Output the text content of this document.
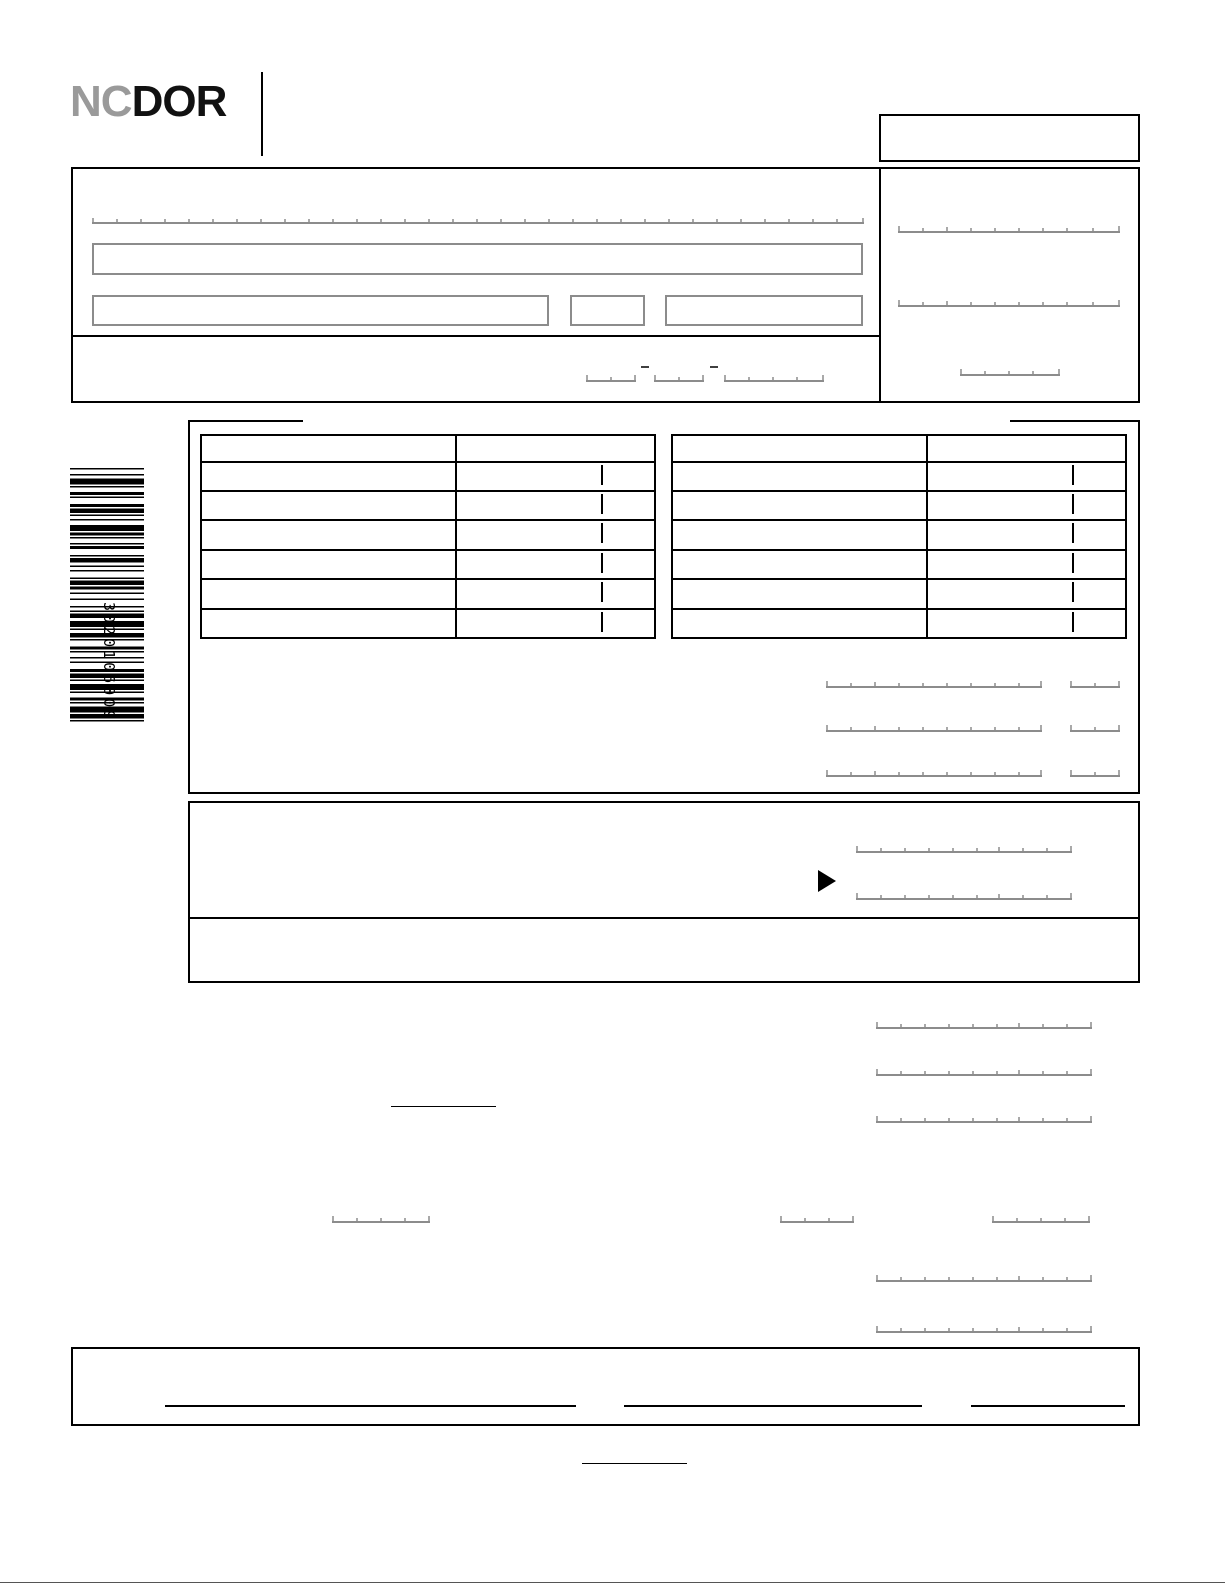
NCDOR
3020106009
